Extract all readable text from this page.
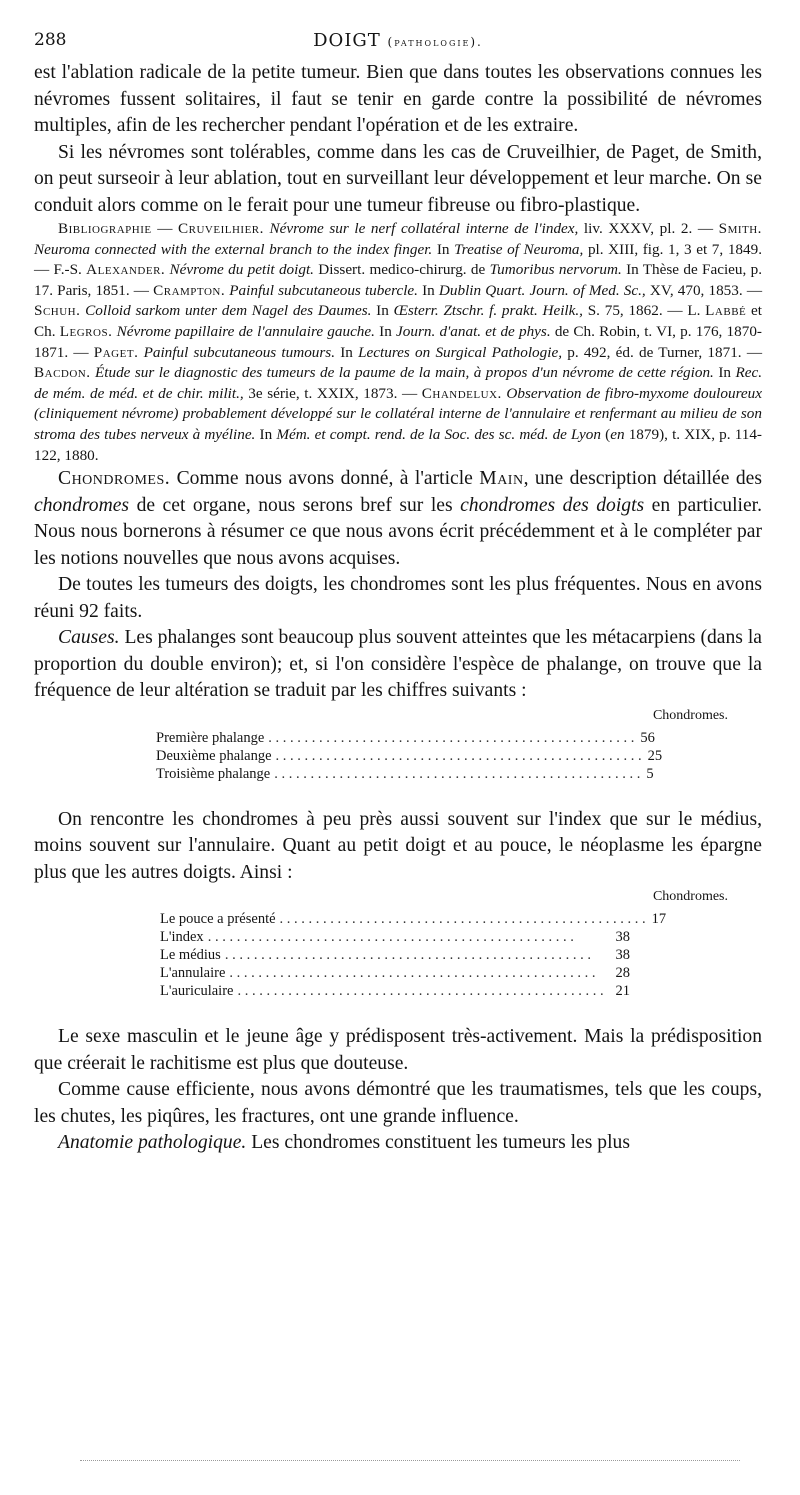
288	DOIGT (pathologie).

est l'ablation radicale de la petite tumeur. Bien que dans toutes les observations connues les névromes fussent solitaires, il faut se tenir en garde contre la possibilité de névromes multiples, afin de les rechercher pendant l'opération et de les extraire.

Si les névromes sont tolérables, comme dans les cas de Cruveilhier, de Paget, de Smith, on peut surseoir à leur ablation, tout en surveillant leur développement et leur marche. On se conduit alors comme on le ferait pour une tumeur fibreuse ou fibro-plastique.

Bibliographie — Cruveilhier. Névrome sur le nerf collatéral interne de l'index, liv. XXXV, pl. 2. — Smith. Neuroma connected with the external branch to the index finger. In Treatise of Neuroma, pl. XIII, fig. 1, 3 et 7, 1849. — F.-S. Alexander. Névrome du petit doigt. Dissert. medico-chirurg. de Tumoribus nervorum. In Thèse de Facieu, p. 17. Paris, 1851. — Crampton. Painful subcutaneous tubercle. In Dublin Quart. Journ. of Med. Sc., XV, 470, 1853. — Schuh. Colloid sarkom unter dem Nagel des Daumes. In Œsterr. Ztschr. f. prakt. Heilk., S. 75, 1862. — L. Labbé et Ch. Legros. Névrome papillaire de l'annulaire gauche. In Journ. d'anat. et de phys. de Ch. Robin, t. VI, p. 176, 1870-1871. — Paget. Painful subcutaneous tumours. In Lectures on Surgical Pathologie, p. 492, éd. de Turner, 1871. — Bacdon. Étude sur le diagnostic des tumeurs de la paume de la main, à propos d'un névrome de cette région. In Rec. de mém. de méd. et de chir. milit., 3e série, t. XXIX, 1873. — Chandelux. Observation de fibro-myxome douloureux (cliniquement névrome) probablement développé sur le collatéral interne de l'annulaire et renfermant au milieu de son stroma des tubes nerveux à myéline. In Mém. et compt. rend. de la Soc. des sc. méd. de Lyon (en 1879), t. XIX, p. 114-122, 1880.

Chondromes. Comme nous avons donné, à l'article Main, une description détaillée des chondromes de cet organe, nous serons bref sur les chondromes des doigts en particulier. Nous nous bornerons à résumer ce que nous avons écrit précédemment et à le compléter par les notions nouvelles que nous avons acquises.

De toutes les tumeurs des doigts, les chondromes sont les plus fréquentes. Nous en avons réuni 92 faits.

Causes. Les phalanges sont beaucoup plus souvent atteintes que les métacarpiens (dans la proportion du double environ); et, si l'on considère l'espèce de phalange, on trouve que la fréquence de leur altération se traduit par les chiffres suivants :

Chondromes.
Première phalange . . . . . . . . . . . . . . . . . . . . . . . . . . . . . . . . . . . . . . . . . . . . . . . . . . . 56
Deuxième phalange . . . . . . . . . . . . . . . . . . . . . . . . . . . . . . . . . . . . . . . . . . . . . . . . . . . 25
Troisième phalange . . . . . . . . . . . . . . . . . . . . . . . . . . . . . . . . . . . . . . . . . . . . . . . . . . . 5

On rencontre les chondromes à peu près aussi souvent sur l'index que sur le médius, moins souvent sur l'annulaire. Quant au petit doigt et au pouce, le néoplasme les épargne plus que les autres doigts. Ainsi :

Chondromes.
Le pouce a présenté . . . . . . . . . . . . . . . . . . . . . . . . . . . . . . . . . . . . . . . . . . . . . . . . . . . 17
L'index . . . . . . . . . . . . . . . . . . . . . . . . . . . . . . . . . . . . . . . . . . . . . . . . . . .	38
Le médius . . . . . . . . . . . . . . . . . . . . . . . . . . . . . . . . . . . . . . . . . . . . . . . . . . .	38
L'annulaire . . . . . . . . . . . . . . . . . . . . . . . . . . . . . . . . . . . . . . . . . . . . . . . . . . .	28
L'auriculaire . . . . . . . . . . . . . . . . . . . . . . . . . . . . . . . . . . . . . . . . . . . . . . . . . . . 21

Le sexe masculin et le jeune âge y prédisposent très-activement. Mais la prédisposition que créerait le rachitisme est plus que douteuse.

Comme cause efficiente, nous avons démontré que les traumatismes, tels que les coups, les chutes, les piqûres, les fractures, ont une grande influence.

Anatomie pathologique. Les chondromes constituent les tumeurs les plus
